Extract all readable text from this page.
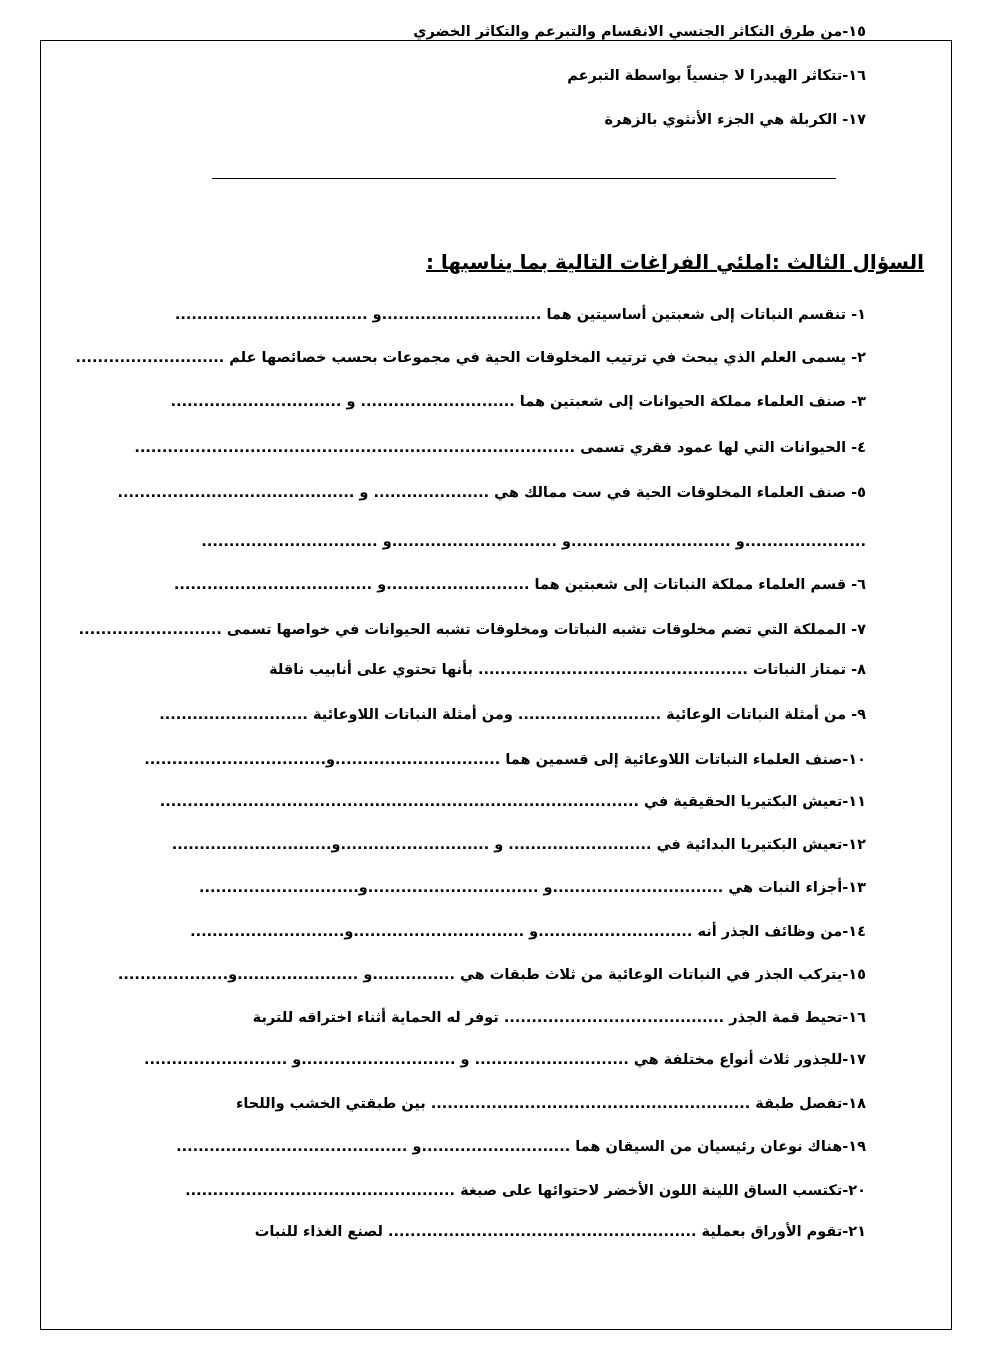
١٥-من طرق التكاثر الجنسي الانقسام والتبرعم والتكاثر الخضري
١٦-تتكاثر الهيدرا لا جنسياً بواسطة التبرعم
١٧- الكربلة هي الجزء الأنثوي بالزهرة
السؤال الثالث :املئي الفراغات التالية بما يناسبها :
١- تنقسم النباتات إلى شعبتين أساسيتين هما .............................و ...................................
٢- يسمى العلم الذي يبحث في ترتيب المخلوقات الحية في مجموعات بحسب خصائصها علم ...........................
٣- صنف العلماء مملكة الحيوانات إلى شعبتين هما ............................ و ...............................
٤- الحيوانات التي لها عمود فقري تسمى ................................................................................
٥- صنف العلماء المخلوقات الحية في ست ممالك هي ..................... و ...........................................
......................و .............................و ..............................و ................................
٦- قسم العلماء مملكة النباتات إلى شعبتين هما ..........................و ....................................
٧- المملكة التي تضم مخلوقات تشبه النباتات ومخلوقات تشبه الحيوانات في خواصها تسمى ..........................
٨- تمتاز النباتات ................................................. بأنها تحتوي على أنابيب ناقلة
٩- من أمثلة النباتات الوعائية .......................... ومن أمثلة النباتات اللاوعائية ...........................
١٠-صنف العلماء النباتات اللاوعائية إلى قسمين هما ..............................و.................................
١١-تعيش البكتيريا الحقيقية في .......................................................................................
١٢-تعيش البكتيريا البدائية في .......................... و ...........................و.............................
١٣-أجزاء النبات هي ...............................و ...............................و.............................
١٤-من وظائف الجذر أنه ............................و ...............................و............................
١٥-يتركب الجذر في النباتات الوعائية من ثلاث طبقات هي ...............و ......................و....................
١٦-تحيط قمة الجذر ........................................ توفر له الحماية أثناء اختراقه للتربة
١٧-للجذور ثلاث أنواع مختلفة هي ............................ و ............................و ..........................
١٨-تفصل طبقة .......................................................... بين طبقتي الخشب واللحاء
١٩-هناك نوعان رئيسيان من السيقان هما ...........................و ..........................................
٢٠-تكتسب الساق اللينة اللون الأخضر لاحتوائها على صبغة .................................................
٢١-تقوم الأوراق بعملية ........................................................ لصنع الغذاء للنبات
